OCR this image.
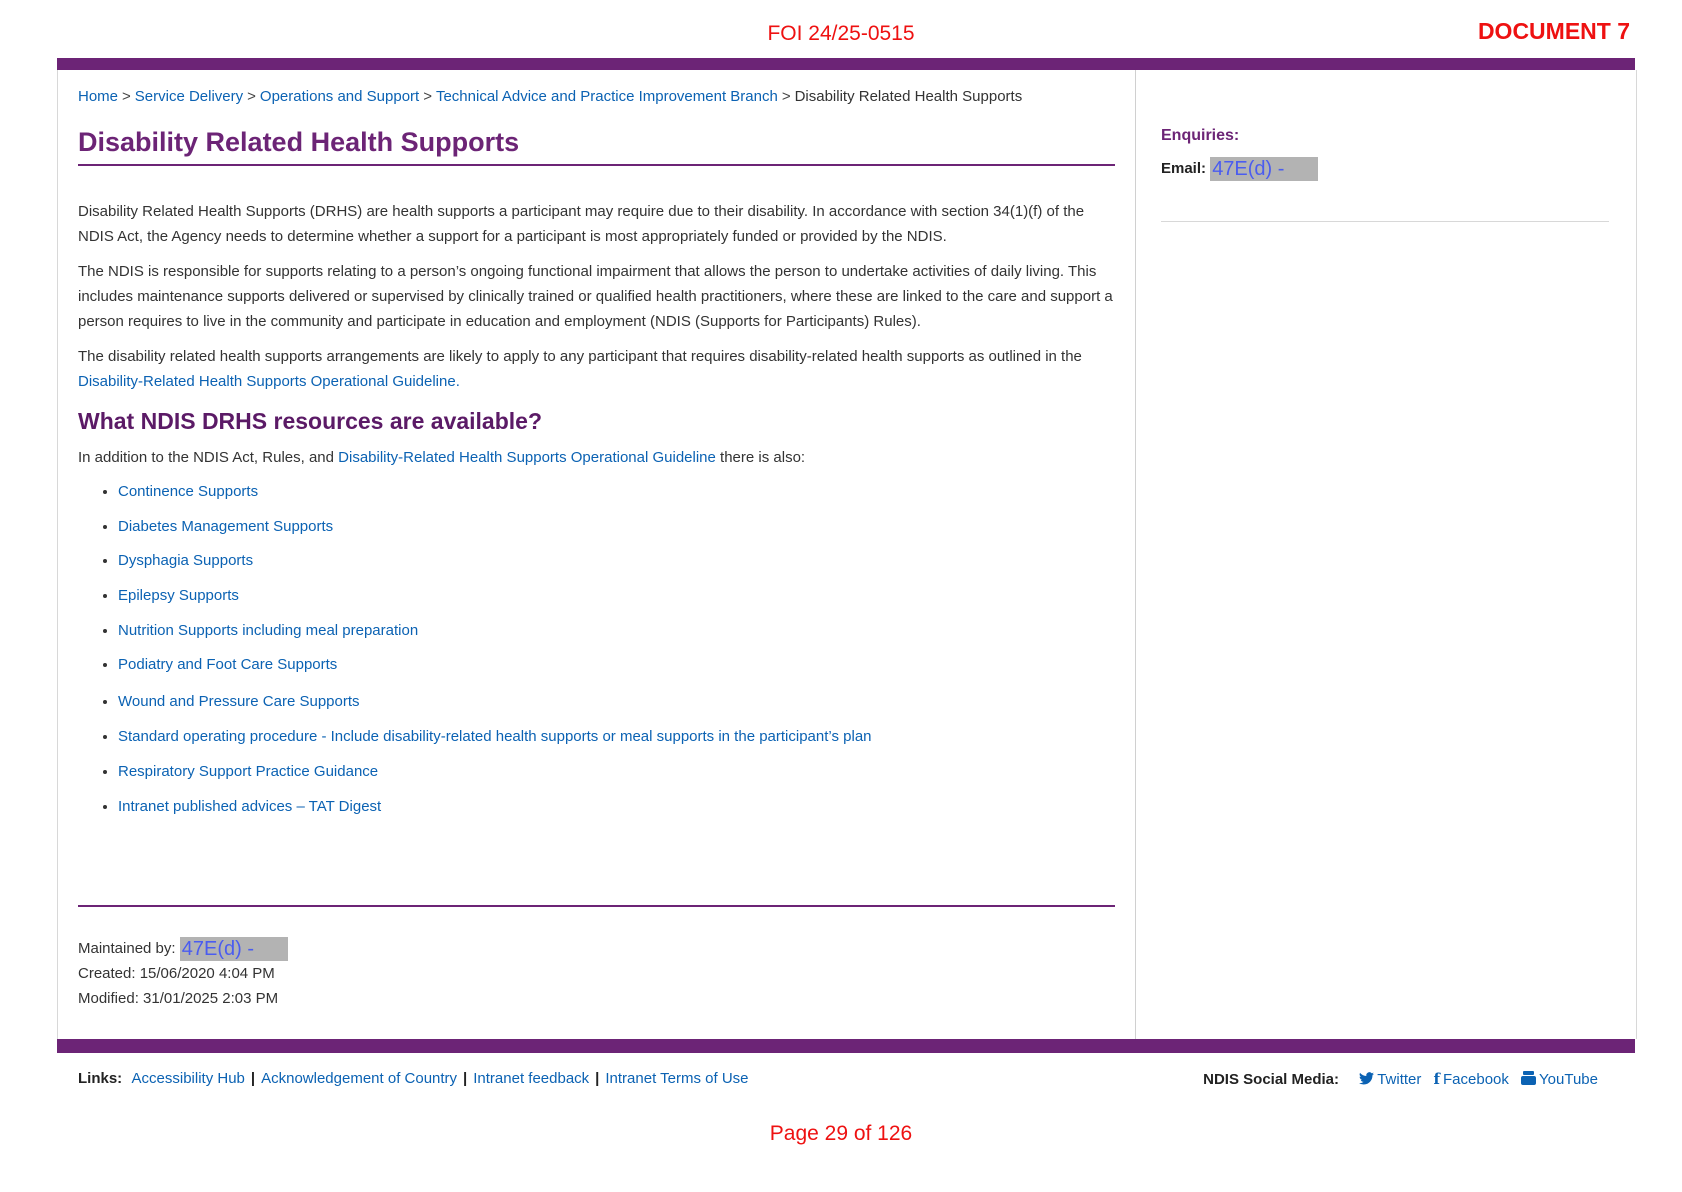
FOI 24/25-0515	DOCUMENT 7
Home > Service Delivery > Operations and Support > Technical Advice and Practice Improvement Branch > Disability Related Health Supports
Disability Related Health Supports

Disability Related Health Supports (DRHS) are health supports a participant may require due to their disability. In accordance with section 34(1)(f) of the NDIS Act, the Agency needs to determine whether a support for a participant is most appropriately funded or provided by the NDIS.

The NDIS is responsible for supports relating to a person’s ongoing functional impairment that allows the person to undertake activities of daily living. This includes maintenance supports delivered or supervised by clinically trained or qualified health practitioners, where these are linked to the care and support a person requires to live in the community and participate in education and employment (NDIS (Supports for Participants) Rules).

The disability related health supports arrangements are likely to apply to any participant that requires disability-related health supports as outlined in the
Disability-Related Health Supports Operational Guideline.

What NDIS DRHS resources are available?
In addition to the NDIS Act, Rules, and Disability-Related Health Supports Operational Guideline there is also:
• Continence Supports
• Diabetes Management Supports
• Dysphagia Supports
• Epilepsy Supports
• Nutrition Supports including meal preparation
• Podiatry and Foot Care Supports
• Wound and Pressure Care Supports
• Standard operating procedure - Include disability-related health supports or meal supports in the participant’s plan
• Respiratory Support Practice Guidance
• Intranet published advices – TAT Digest
Maintained by: 47E(d) -
Created: 15/06/2020 4:04 PM
Modified: 31/01/2025 2:03 PM
Enquiries:
Email: 47E(d) -
Links: Accessibility Hub | Acknowledgement of Country | Intranet feedback | Intranet Terms of Use	NDIS Social Media:	Twitter f Facebook YouTube
Page 29 of 126
